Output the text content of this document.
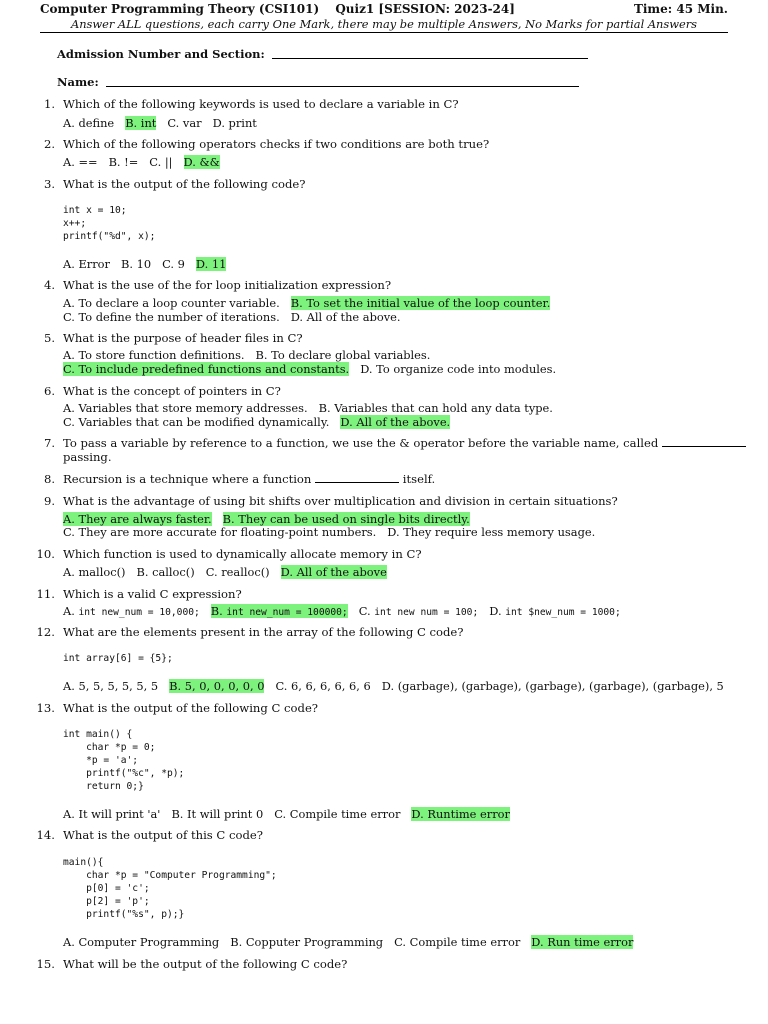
Computer Programming Theory (CSI101) Quiz1 [SESSION: 2023-24]	Time: 45 Min.
Answer ALL questions, each carry One Mark, there may be multiple Answers, No Marks for partial Answers
Admission Number and Section:
Name:
1. Which of the following keywords is used to declare a variable in C?
A. define B. int C. var D. print
2. Which of the following operators checks if two conditions are both true?
A. == B. != C. || D. &&
3. What is the output of the following code?
int x = 10;
x++;
printf("%d", x);
A. Error B. 10 C. 9 D. 11
4. What is the use of the for loop initialization expression?
A. To declare a loop counter variable. B. To set the initial value of the loop counter.
C. To define the number of iterations. D. All of the above.
5. What is the purpose of header files in C?
A. To store function definitions. B. To declare global variables.
C. To include predefined functions and constants. D. To organize code into modules.
6. What is the concept of pointers in C?
A. Variables that store memory addresses. B. Variables that can hold any data type.
C. Variables that can be modified dynamically. D. All of the above.
7. To pass a variable by reference to a function, we use the & operator before the variable name, called
passing.
8. Recursion is a technique where a function	itself.
9. What is the advantage of using bit shifts over multiplication and division in certain situations?
A. They are always faster. B. They can be used on single bits directly.
C. They are more accurate for floating-point numbers. D. They require less memory usage.
10. Which function is used to dynamically allocate memory in C?
A. malloc() B. calloc() C. realloc() D. All of the above
11. Which is a valid C expression?
A. int new_num = 10,000; B. int new_num = 100000; C. int new num = 100; D. int $new_num = 1000;
12. What are the elements present in the array of the following C code?
int array[6] = {5};
A. 5, 5, 5, 5, 5, 5 B. 5, 0, 0, 0, 0, 0 C. 6, 6, 6, 6, 6, 6 D. (garbage), (garbage), (garbage), (garbage), (garbage), 5
13. What is the output of the following C code?
int main() {
char *p = 0;
*p = 'a';
printf("%c", *p);
return 0;}
A. It will print 'a' B. It will print 0 C. Compile time error D. Runtime error
14. What is the output of this C code?
main(){
char *p = "Computer Programming";
p[0] = 'c';
p[2] = 'p';
printf("%s", p);}
A. Computer Programming B. Copputer Programming C. Compile time error D. Run time error
15. What will be the output of the following C code?
